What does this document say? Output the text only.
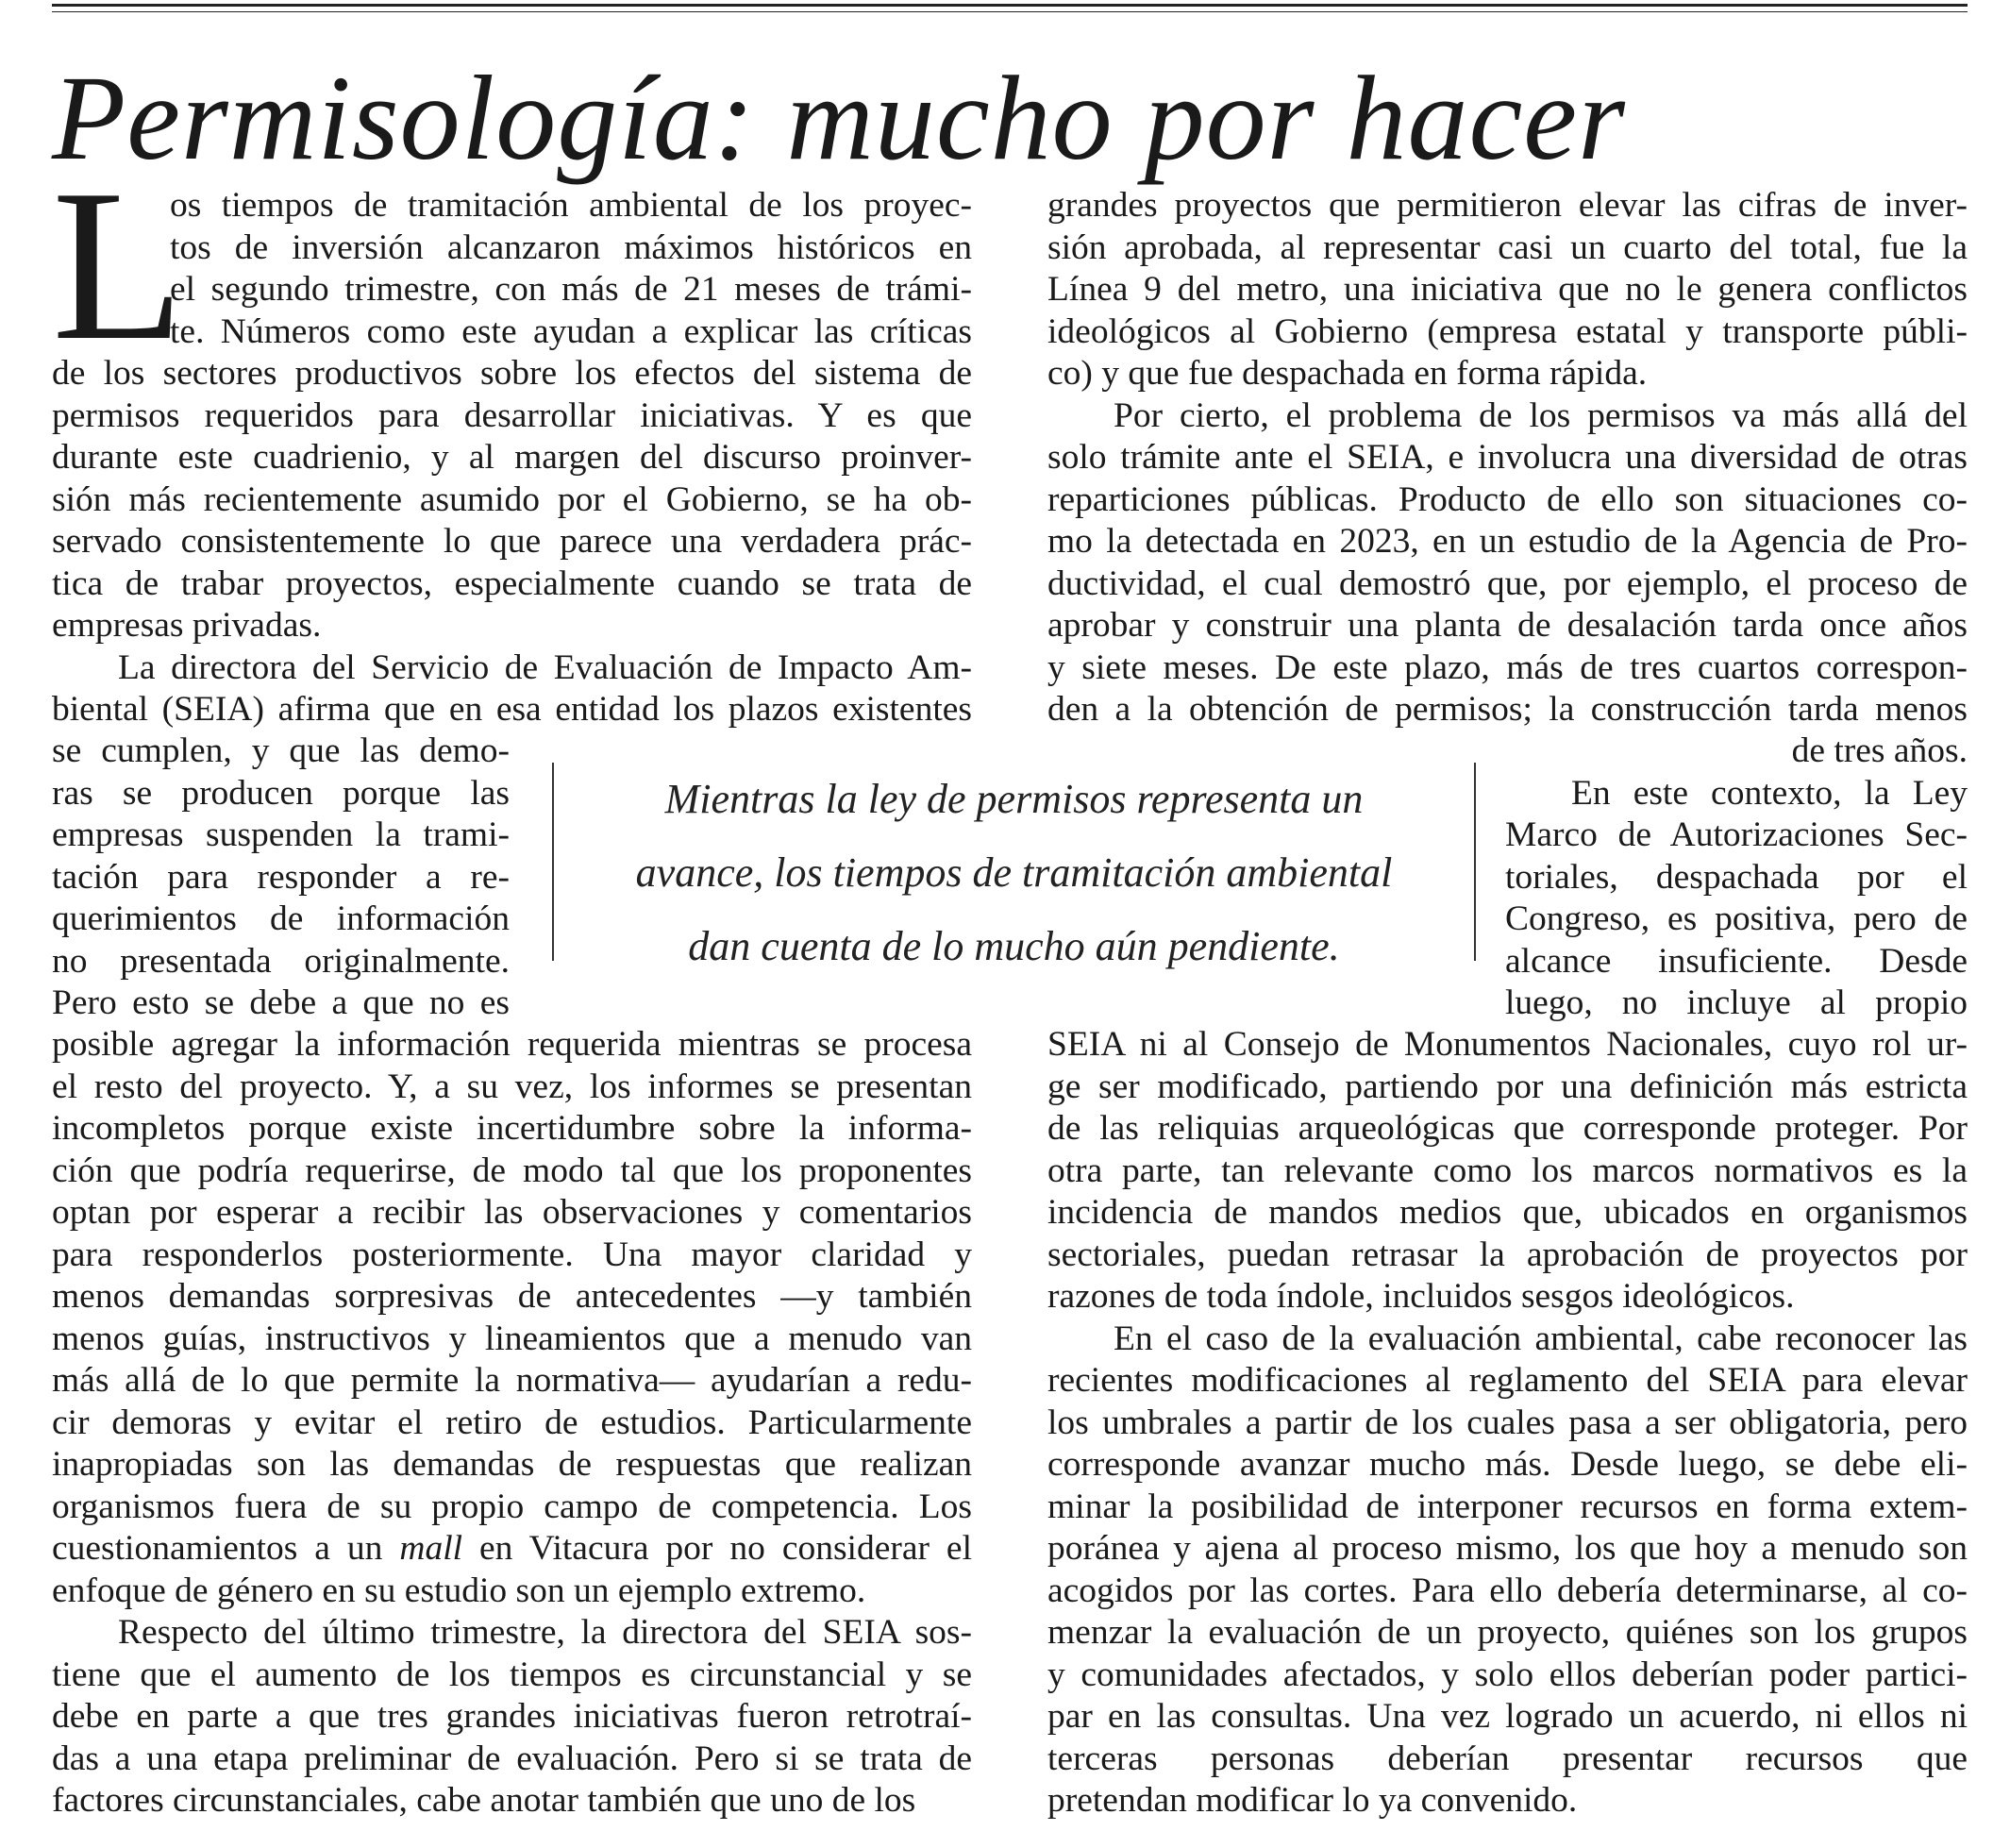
Permisología: mucho por hacer
L

os tiempos de tramitación ambiental de los proyec-

tos de inversión alcanzaron máximos históricos en

el segundo trimestre, con más de 21 meses de trámi-

te. Números como este ayudan a explicar las críticas

de los sectores productivos sobre los efectos del sistema de

permisos requeridos para desarrollar iniciativas. Y es que

durante este cuadrienio, y al margen del discurso proinver-

sión más recientemente asumido por el Gobierno, se ha ob-

servado consistentemente lo que parece una verdadera prác-

tica de trabar proyectos, especialmente cuando se trata de

empresas privadas.

La directora del Servicio de Evaluación de Impacto Am-

biental (SEIA) afirma que en esa entidad los plazos existentes

se cumplen, y que las demo-

ras se producen porque las

empresas suspenden la trami-

tación para responder a re-

querimientos de información

no presentada originalmente.

Pero esto se debe a que no es

posible agregar la información requerida mientras se procesa

el resto del proyecto. Y, a su vez, los informes se presentan

incompletos porque existe incertidumbre sobre la informa-

ción que podría requerirse, de modo tal que los proponentes

optan por esperar a recibir las observaciones y comentarios

para responderlos posteriormente. Una mayor claridad y

menos demandas sorpresivas de antecedentes —y también

menos guías, instructivos y lineamientos que a menudo van

más allá de lo que permite la normativa— ayudarían a redu-

cir demoras y evitar el retiro de estudios. Particularmente

inapropiadas son las demandas de respuestas que realizan

organismos fuera de su propio campo de competencia. Los

cuestionamientos a un mall en Vitacura por no considerar el

enfoque de género en su estudio son un ejemplo extremo.

Respecto del último trimestre, la directora del SEIA sos-

tiene que el aumento de los tiempos es circunstancial y se

debe en parte a que tres grandes iniciativas fueron retrotraí-

das a una etapa preliminar de evaluación. Pero si se trata de

factores circunstanciales, cabe anotar también que uno de los

grandes proyectos que permitieron elevar las cifras de inver-

sión aprobada, al representar casi un cuarto del total, fue la

Línea 9 del metro, una iniciativa que no le genera conflictos

ideológicos al Gobierno (empresa estatal y transporte públi-

co) y que fue despachada en forma rápida.

Por cierto, el problema de los permisos va más allá del

solo trámite ante el SEIA, e involucra una diversidad de otras

reparticiones públicas. Producto de ello son situaciones co-

mo la detectada en 2023, en un estudio de la Agencia de Pro-

ductividad, el cual demostró que, por ejemplo, el proceso de

aprobar y construir una planta de desalación tarda once años

y siete meses. De este plazo, más de tres cuartos correspon-

den a la obtención de permisos; la construcción tarda menos

de tres años.

En este contexto, la Ley

Marco de Autorizaciones Sec-

toriales, despachada por el

Congreso, es positiva, pero de

alcance insuficiente. Desde

luego, no incluye al propio

SEIA ni al Consejo de Monumentos Nacionales, cuyo rol ur-

ge ser modificado, partiendo por una definición más estricta

de las reliquias arqueológicas que corresponde proteger. Por

otra parte, tan relevante como los marcos normativos es la

incidencia de mandos medios que, ubicados en organismos

sectoriales, puedan retrasar la aprobación de proyectos por

razones de toda índole, incluidos sesgos ideológicos.

En el caso de la evaluación ambiental, cabe reconocer las

recientes modificaciones al reglamento del SEIA para elevar

los umbrales a partir de los cuales pasa a ser obligatoria, pero

corresponde avanzar mucho más. Desde luego, se debe eli-

minar la posibilidad de interponer recursos en forma extem-

poránea y ajena al proceso mismo, los que hoy a menudo son

acogidos por las cortes. Para ello debería determinarse, al co-

menzar la evaluación de un proyecto, quiénes son los grupos

y comunidades afectados, y solo ellos deberían poder partici-

par en las consultas. Una vez logrado un acuerdo, ni ellos ni

terceras personas deberían presentar recursos que

pretendan modificar lo ya convenido.

Mientras la ley de permisos representa un

avance, los tiempos de tramitación ambiental

dan cuenta de lo mucho aún pendiente.
